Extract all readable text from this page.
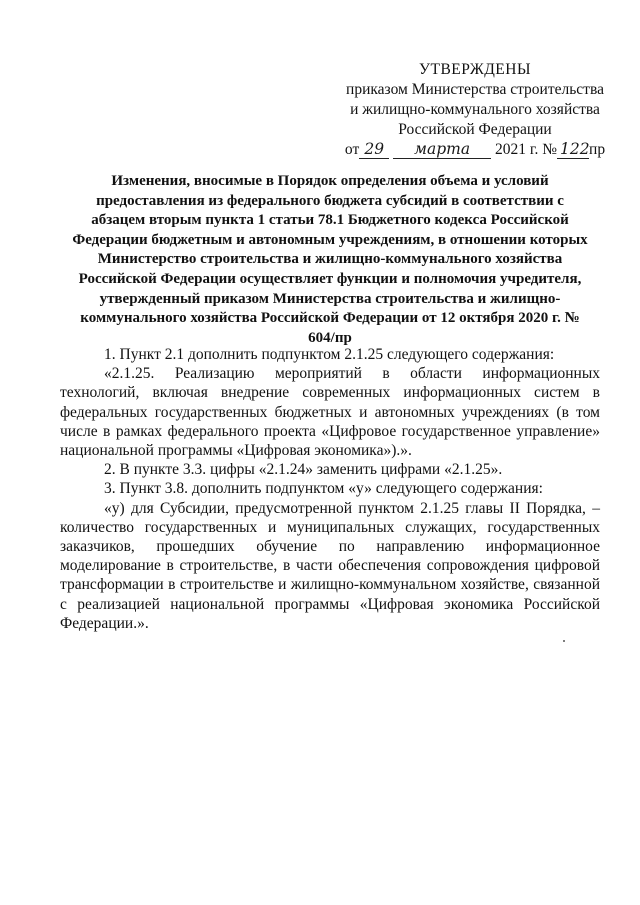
УТВЕРЖДЕНЫ
приказом Министерства строительства
и жилищно-коммунального хозяйства
Российской Федерации
от 29 марта 2021 г. № 122пр
Изменения, вносимые в Порядок определения объема и условий предоставления из федерального бюджета субсидий в соответствии с абзацем вторым пункта 1 статьи 78.1 Бюджетного кодекса Российской Федерации бюджетным и автономным учреждениям, в отношении которых Министерство строительства и жилищно-коммунального хозяйства Российской Федерации осуществляет функции и полномочия учредителя, утвержденный приказом Министерства строительства и жилищно-коммунального хозяйства Российской Федерации от 12 октября 2020 г. № 604/пр

1. Пункт 2.1 дополнить подпунктом 2.1.25 следующего содержания:

«2.1.25. Реализацию мероприятий в области информационных технологий, включая внедрение современных информационных систем в федеральных государственных бюджетных и автономных учреждениях (в том числе в рамках федерального проекта «Цифровое государственное управление» национальной программы «Цифровая экономика»).».

2. В пункте 3.3. цифры «2.1.24» заменить цифрами «2.1.25».

3. Пункт 3.8. дополнить подпунктом «у» следующего содержания:

«у) для Субсидии, предусмотренной пунктом 2.1.25 главы II Порядка, – количество государственных и муниципальных служащих, государственных заказчиков, прошедших обучение по направлению информационное моделирование в строительстве, в части обеспечения сопровождения цифровой трансформации в строительстве и жилищно-коммунальном хозяйстве, связанной с реализацией национальной программы «Цифровая экономика Российской Федерации.».
